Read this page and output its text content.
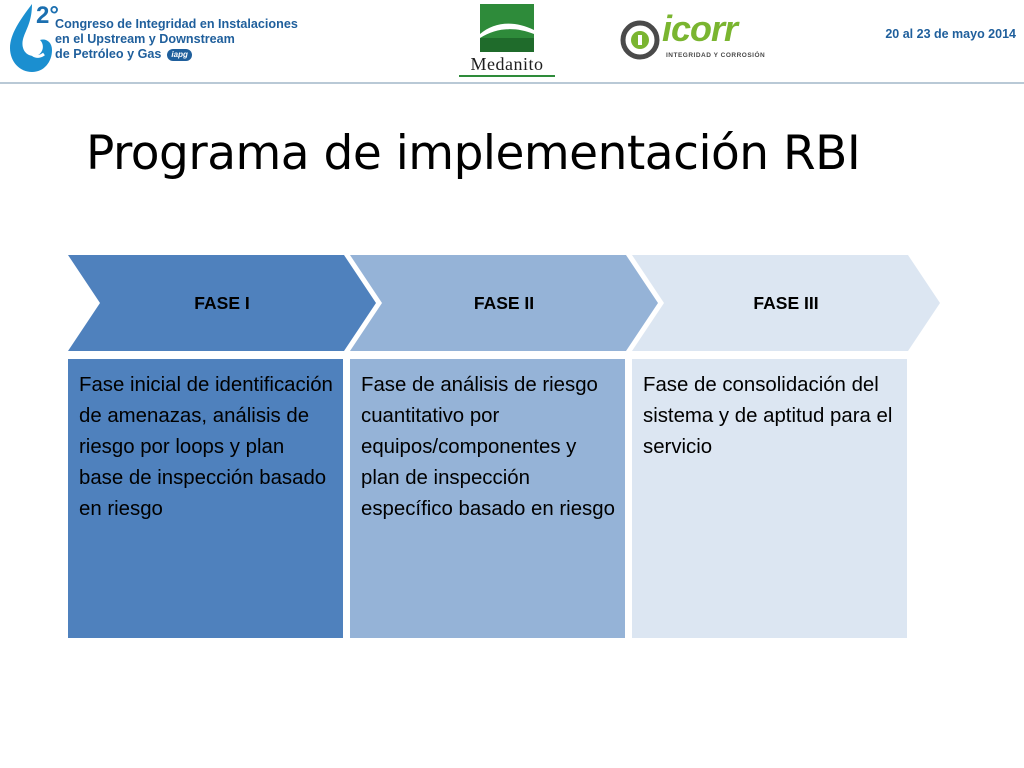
2°
Congreso de Integridad en Instalaciones
en el Upstream y Downstream
de Petróleo y Gas iapg	Medanito
icorr
INTEGRIDAD Y CORROSIÓN
20 al 23 de mayo 2014
Programa de implementación RBI
FASE I
Fase inicial de identificación de amenazas, análisis de riesgo por loops y plan base de inspección basado en riesgo
FASE II
Fase de análisis de riesgo cuantitativo por equipos/componentes y plan de inspección específico basado en riesgo
FASE III
Fase de consolidación del sistema y de aptitud para el servicio
